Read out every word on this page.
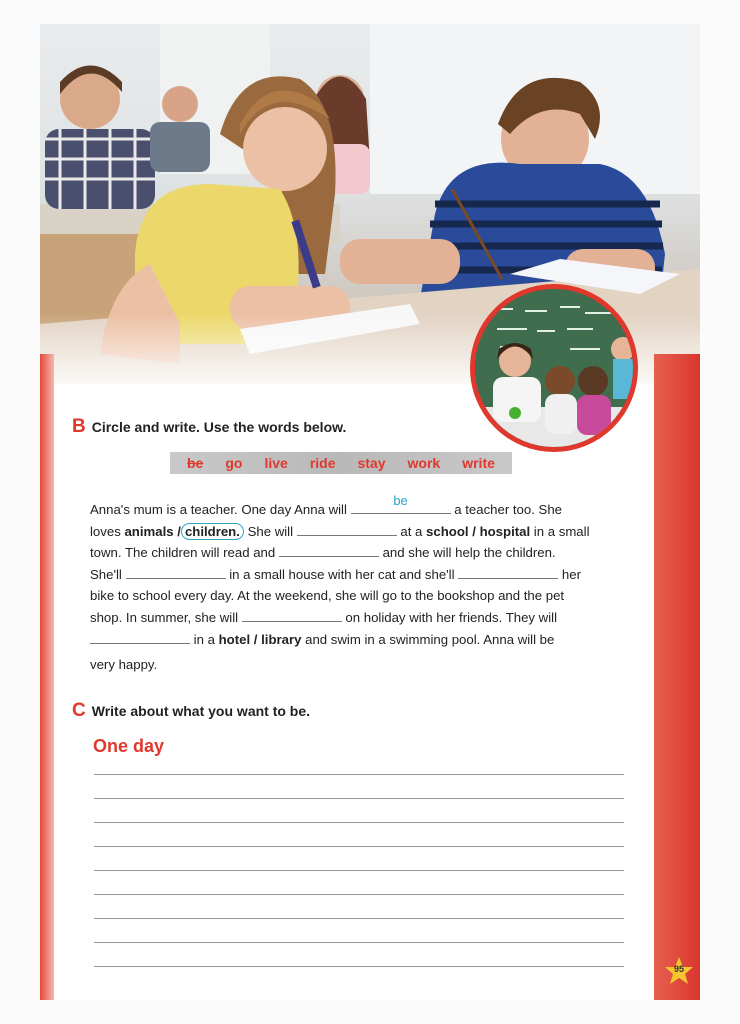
B Circle and write. Use the words below.
be go live ride stay work write
Anna's mum is a teacher. One day Anna will
be
a teacher too. She
loves animals / children. She will	at a school / hospital in a small
town. The children will read and	and she will help the children.
She'll	in a small house with her cat and she'll	her
bike to school every day. At the weekend, she will go to the bookshop and the pet
shop. In summer, she will	on holiday with her friends. They will
in a hotel / library and swim in a swimming pool. Anna will be
very happy.
C Write about what you want to be.
One day
95
